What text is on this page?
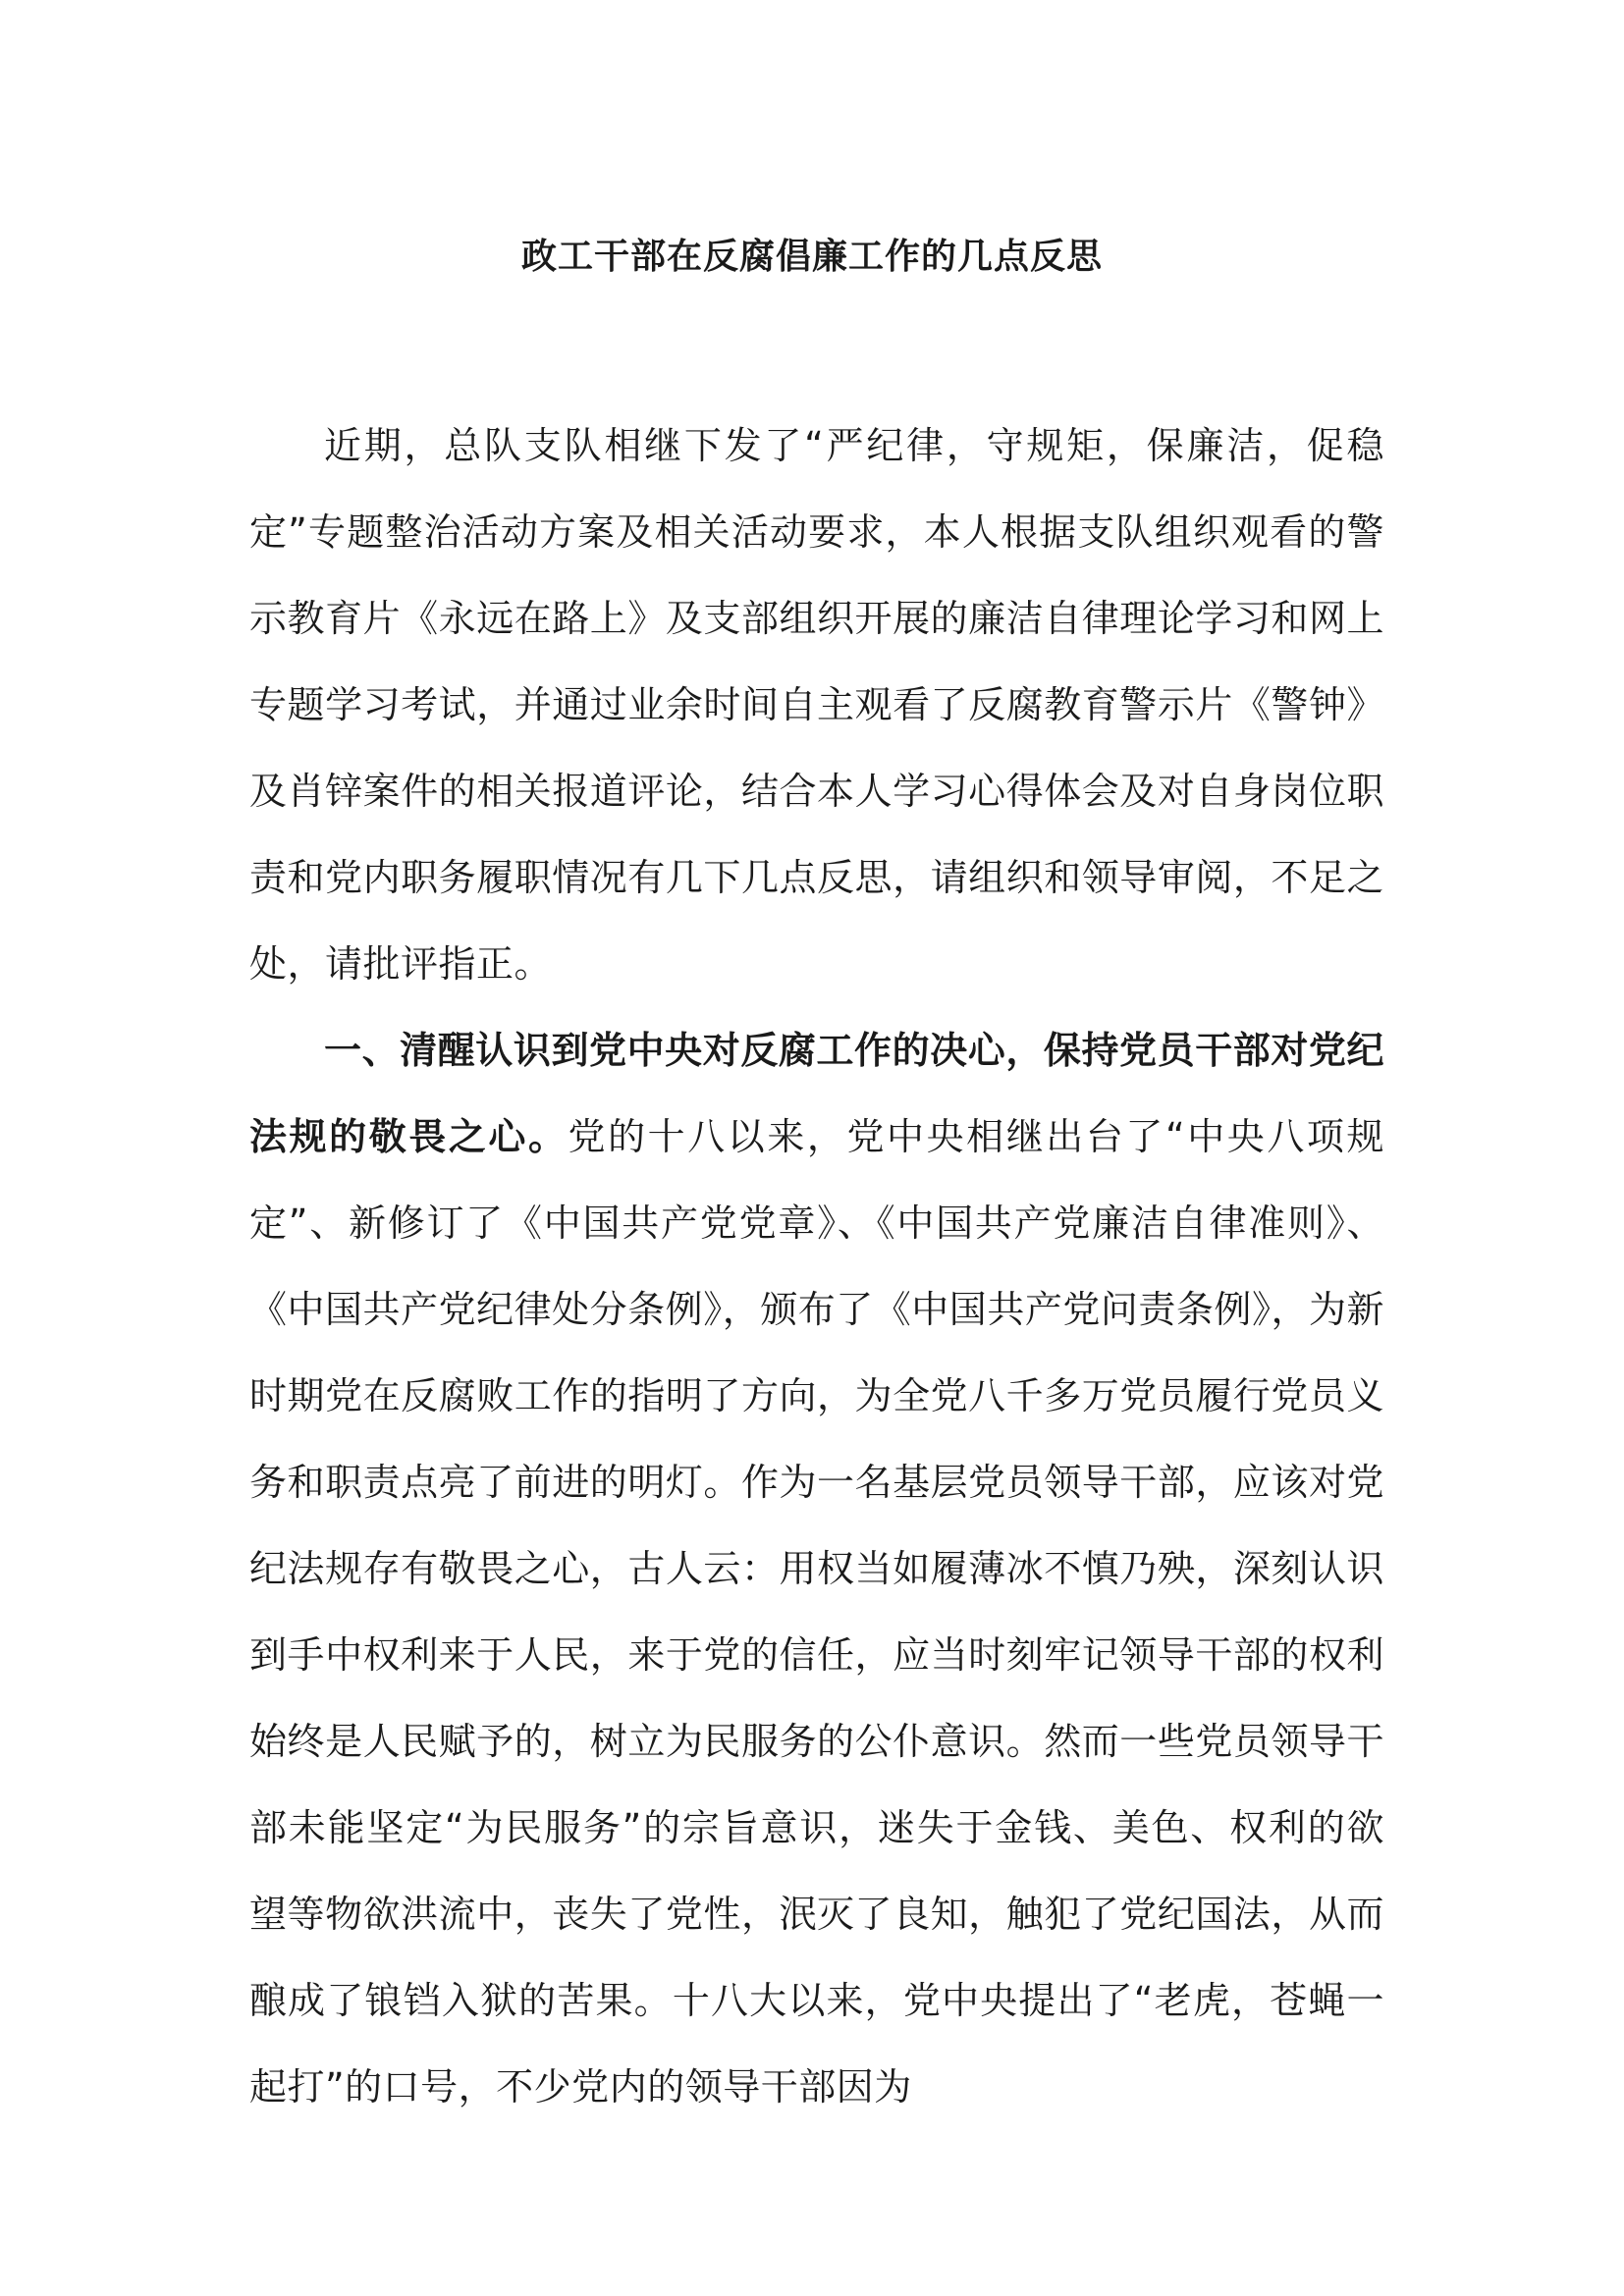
政工干部在反腐倡廉工作的几点反思

近期，总队支队相继下发了“严纪律，守规矩，保廉洁，促稳定”专题整治活动方案及相关活动要求，本人根据支队组织观看的警示教育片《永远在路上》及支部组织开展的廉洁自律理论学习和网上专题学习考试，并通过业余时间自主观看了反腐教育警示片《警钟》及肖锌案件的相关报道评论，结合本人学习心得体会及对自身岗位职责和党内职务履职情况有几下几点反思，请组织和领导审阅，不足之处，请批评指正。

一、清醒认识到党中央对反腐工作的决心，保持党员干部对党纪法规的敬畏之心。党的十八以来，党中央相继出台了“中央八项规定”、新修订了《中国共产党党章》、《中国共产党廉洁自律准则》、《中国共产党纪律处分条例》，颁布了《中国共产党问责条例》，为新时期党在反腐败工作的指明了方向，为全党八千多万党员履行党员义务和职责点亮了前进的明灯。作为一名基层党员领导干部，应该对党纪法规存有敬畏之心，古人云：用权当如履薄冰不慎乃殃，深刻认识到手中权利来于人民，来于党的信任，应当时刻牢记领导干部的权利始终是人民赋予的，树立为民服务的公仆意识。然而一些党员领导干部未能坚定“为民服务”的宗旨意识，迷失于金钱、美色、权利的欲望等物欲洪流中，丧失了党性，泯灭了良知，触犯了党纪国法，从而酿成了锒铛入狱的苦果。十八大以来，党中央提出了“老虎，苍蝇一起打”的口号，不少党内的领导干部因为
